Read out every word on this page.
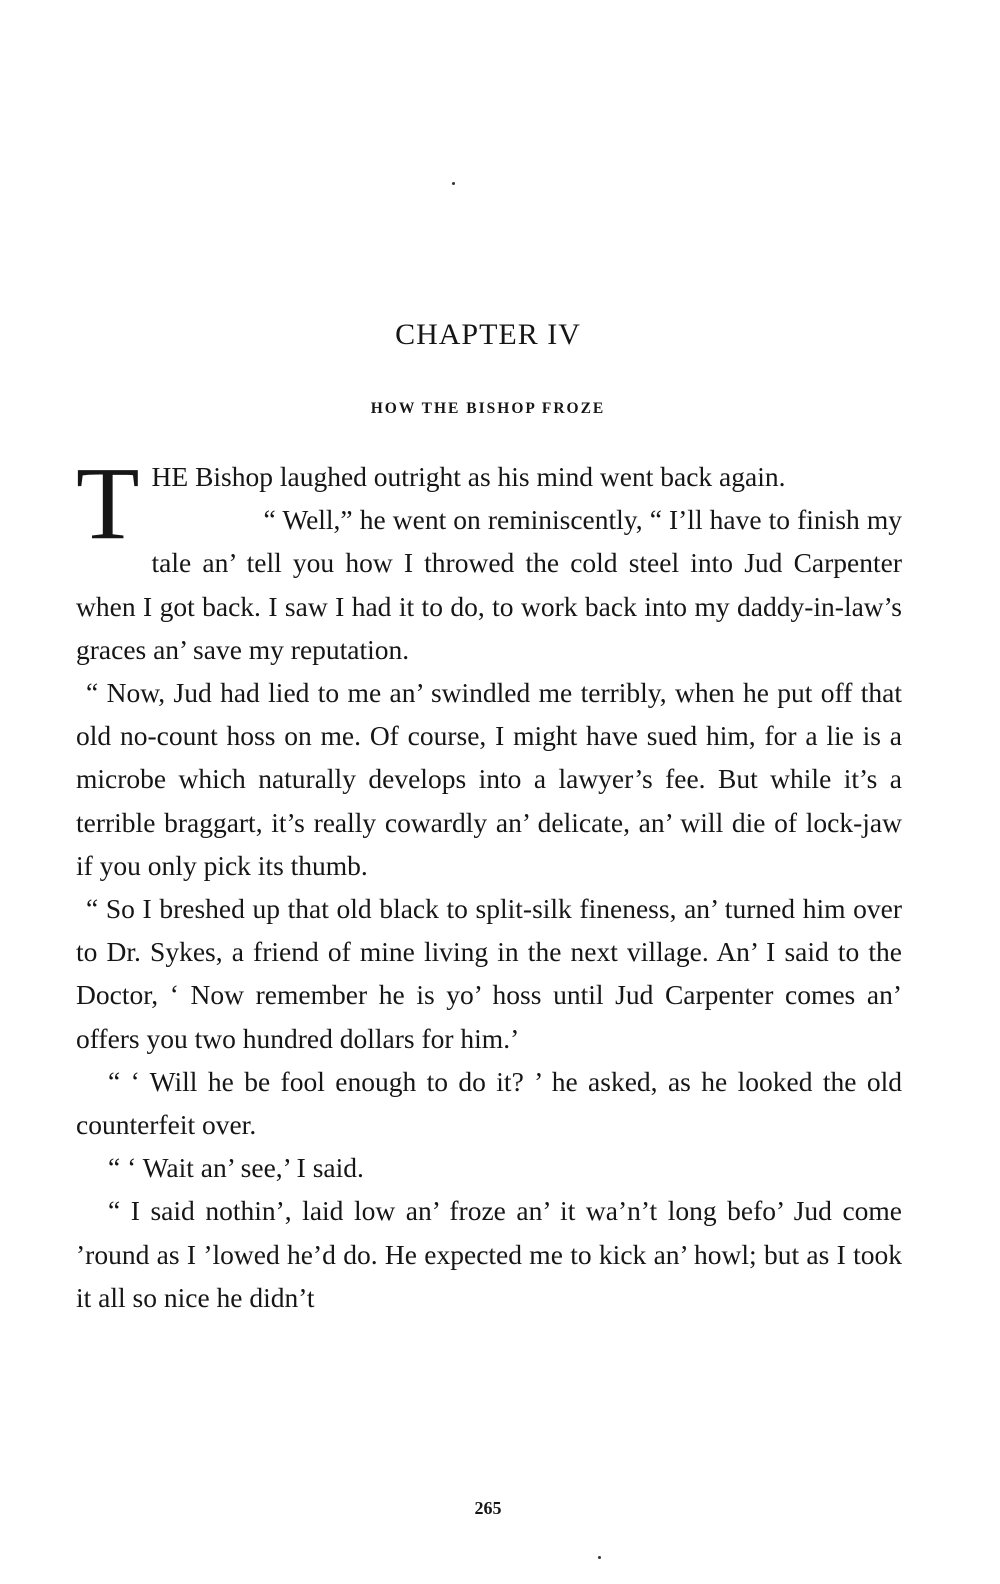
CHAPTER IV
HOW THE BISHOP FROZE

THE Bishop laughed outright as his mind went back again.

“ Well,” he went on reminiscently, “ I’ll have to finish my tale an’ tell you how I throwed the cold steel into Jud Carpenter when I got back. I saw I had it to do, to work back into my daddy-in-law’s graces an’ save my reputation.

“ Now, Jud had lied to me an’ swindled me terribly, when he put off that old no-count hoss on me. Of course, I might have sued him, for a lie is a microbe which naturally develops into a lawyer’s fee. But while it’s a terrible braggart, it’s really cowardly an’ delicate, an’ will die of lock-jaw if you only pick its thumb.

“ So I breshed up that old black to split-silk fineness, an’ turned him over to Dr. Sykes, a friend of mine living in the next village. An’ I said to the Doctor, ‘ Now remember he is yo’ hoss until Jud Carpenter comes an’ offers you two hundred dollars for him.’

“ ‘ Will he be fool enough to do it? ’ he asked, as he looked the old counterfeit over.

“ ‘ Wait an’ see,’ I said.

“ I said nothin’, laid low an’ froze an’ it wa’n’t long befo’ Jud come ’round as I ’lowed he’d do. He expected me to kick an’ howl; but as I took it all so nice he didn’t

265
